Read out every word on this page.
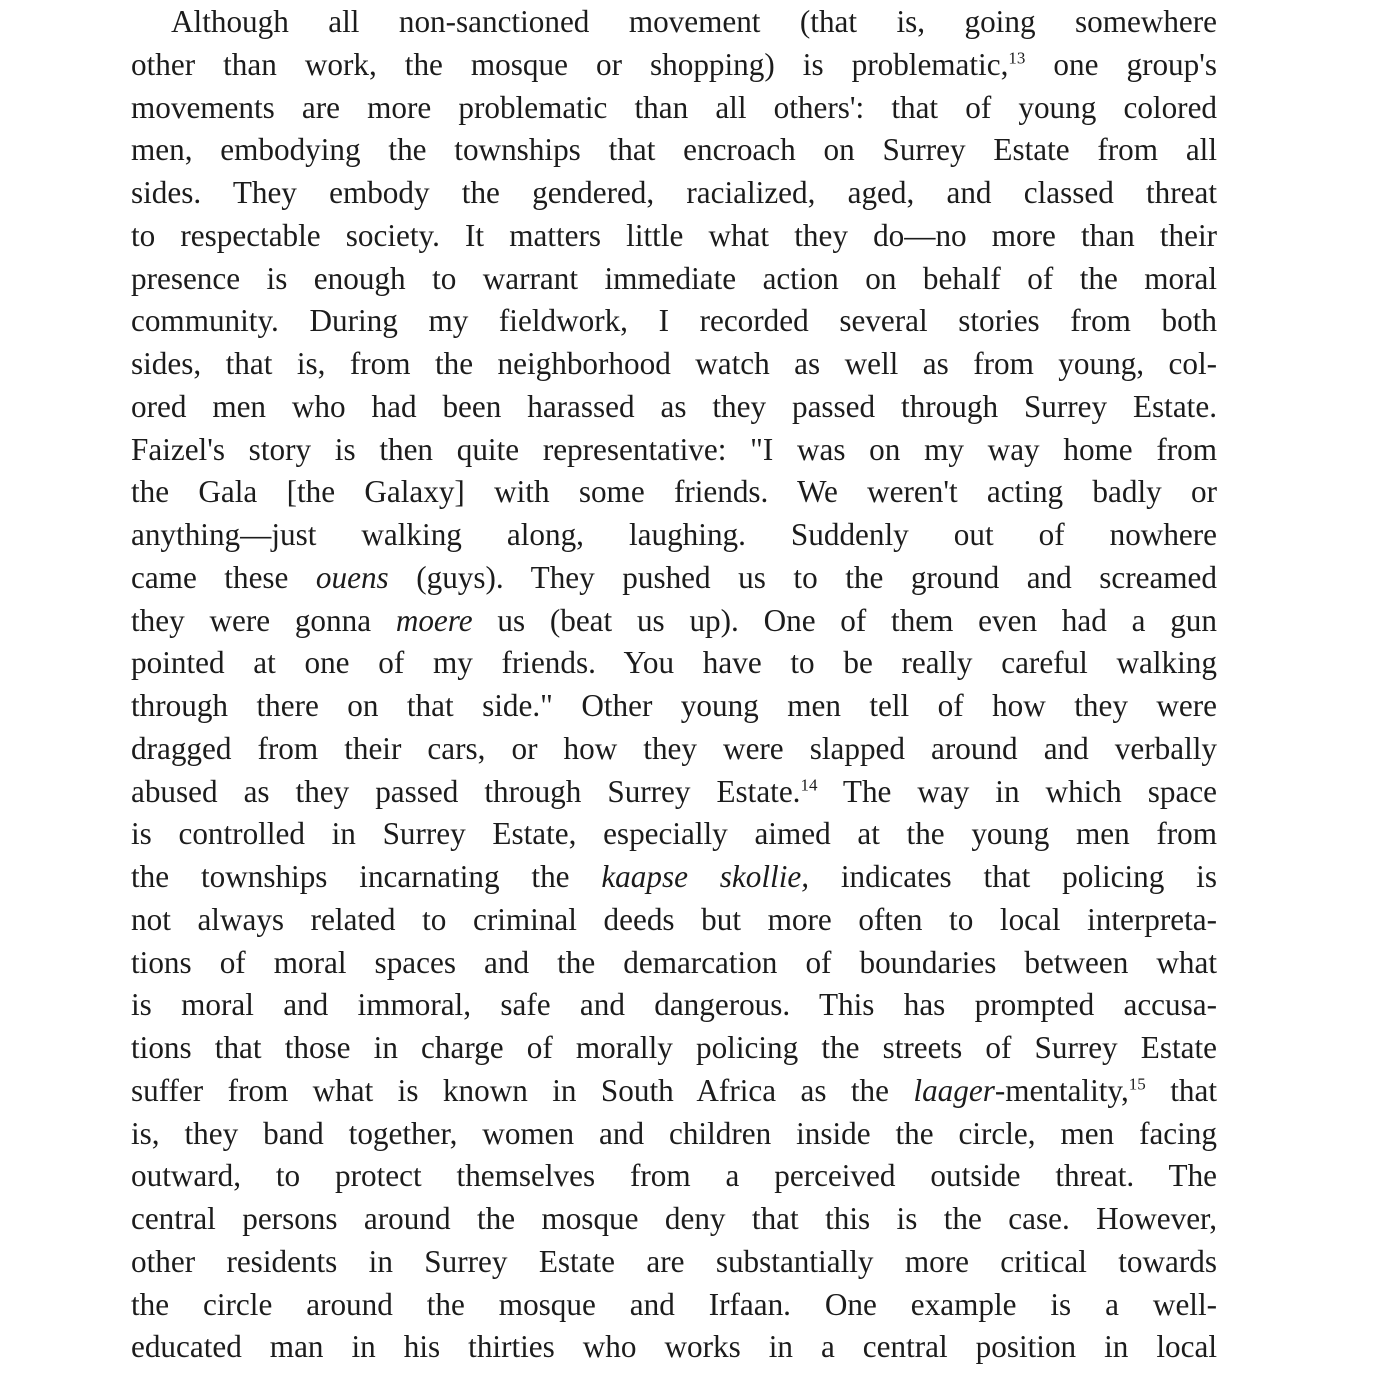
Although all non-sanctioned movement (that is, going somewhere
other than work, the mosque or shopping) is problematic,$^{13}$ one group's
movements are more problematic than all others': that of young colored
men, embodying the townships that encroach on Surrey Estate from all
sides. They embody the gendered, racialized, aged, and classed threat
to respectable society. It matters little what they do—no more than their
presence is enough to warrant immediate action on behalf of the moral
community. During my fieldwork, I recorded several stories from both
sides, that is, from the neighborhood watch as well as from young, col-
ored men who had been harassed as they passed through Surrey Estate.
Faizel's story is then quite representative: "I was on my way home from
the Gala [the Galaxy] with some friends. We weren't acting badly or
anything—just walking along, laughing. Suddenly out of nowhere
came these ouens (guys). They pushed us to the ground and screamed
they were gonna moere us (beat us up). One of them even had a gun
pointed at one of my friends. You have to be really careful walking
through there on that side." Other young men tell of how they were
dragged from their cars, or how they were slapped around and verbally
abused as they passed through Surrey Estate.$^{14}$ The way in which space
is controlled in Surrey Estate, especially aimed at the young men from
the townships incarnating the kaapse skollie, indicates that policing is
not always related to criminal deeds but more often to local interpreta-
tions of moral spaces and the demarcation of boundaries between what
is moral and immoral, safe and dangerous. This has prompted accusa-
tions that those in charge of morally policing the streets of Surrey Estate
suffer from what is known in South Africa as the laager-mentality,$^{15}$ that
is, they band together, women and children inside the circle, men facing
outward, to protect themselves from a perceived outside threat. The
central persons around the mosque deny that this is the case. However,
other residents in Surrey Estate are substantially more critical towards
the circle around the mosque and Irfaan. One example is a well-
educated man in his thirties who works in a central position in local
